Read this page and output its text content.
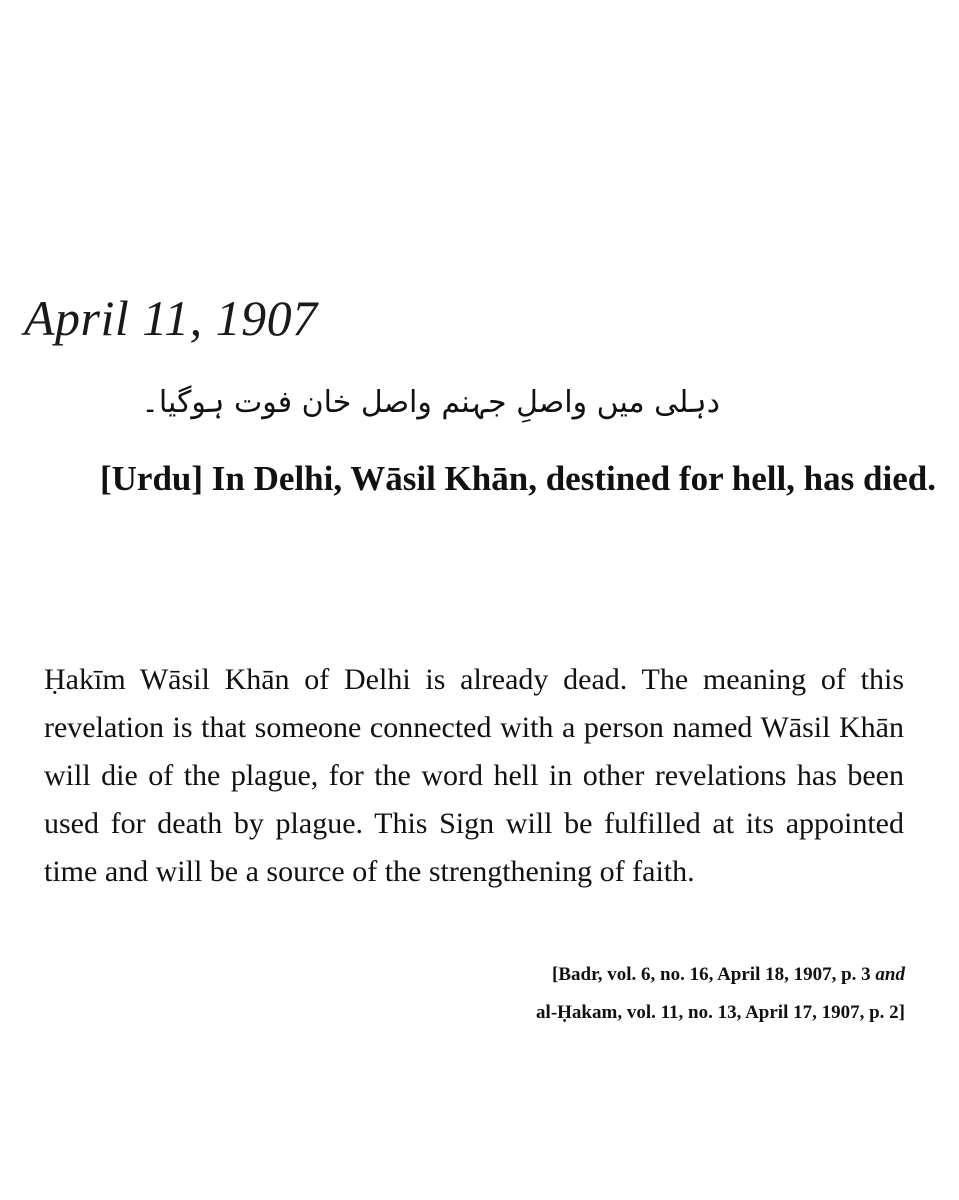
April 11, 1907
دہلی میں واصلِ جہنم واصل خان فوت ہوگیا۔
[Urdu] In Delhi, Wāsil Khān, destined for hell, has died.
Ḥakīm Wāsil Khān of Delhi is already dead. The meaning of this revelation is that someone connected with a person named Wāsil Khān will die of the plague, for the word hell in other revelations has been used for death by plague. This Sign will be fulfilled at its appointed time and will be a source of the strengthening of faith.
[Badr, vol. 6, no. 16, April 18, 1907, p. 3 and
al-Ḥakam, vol. 11, no. 13, April 17, 1907, p. 2]
